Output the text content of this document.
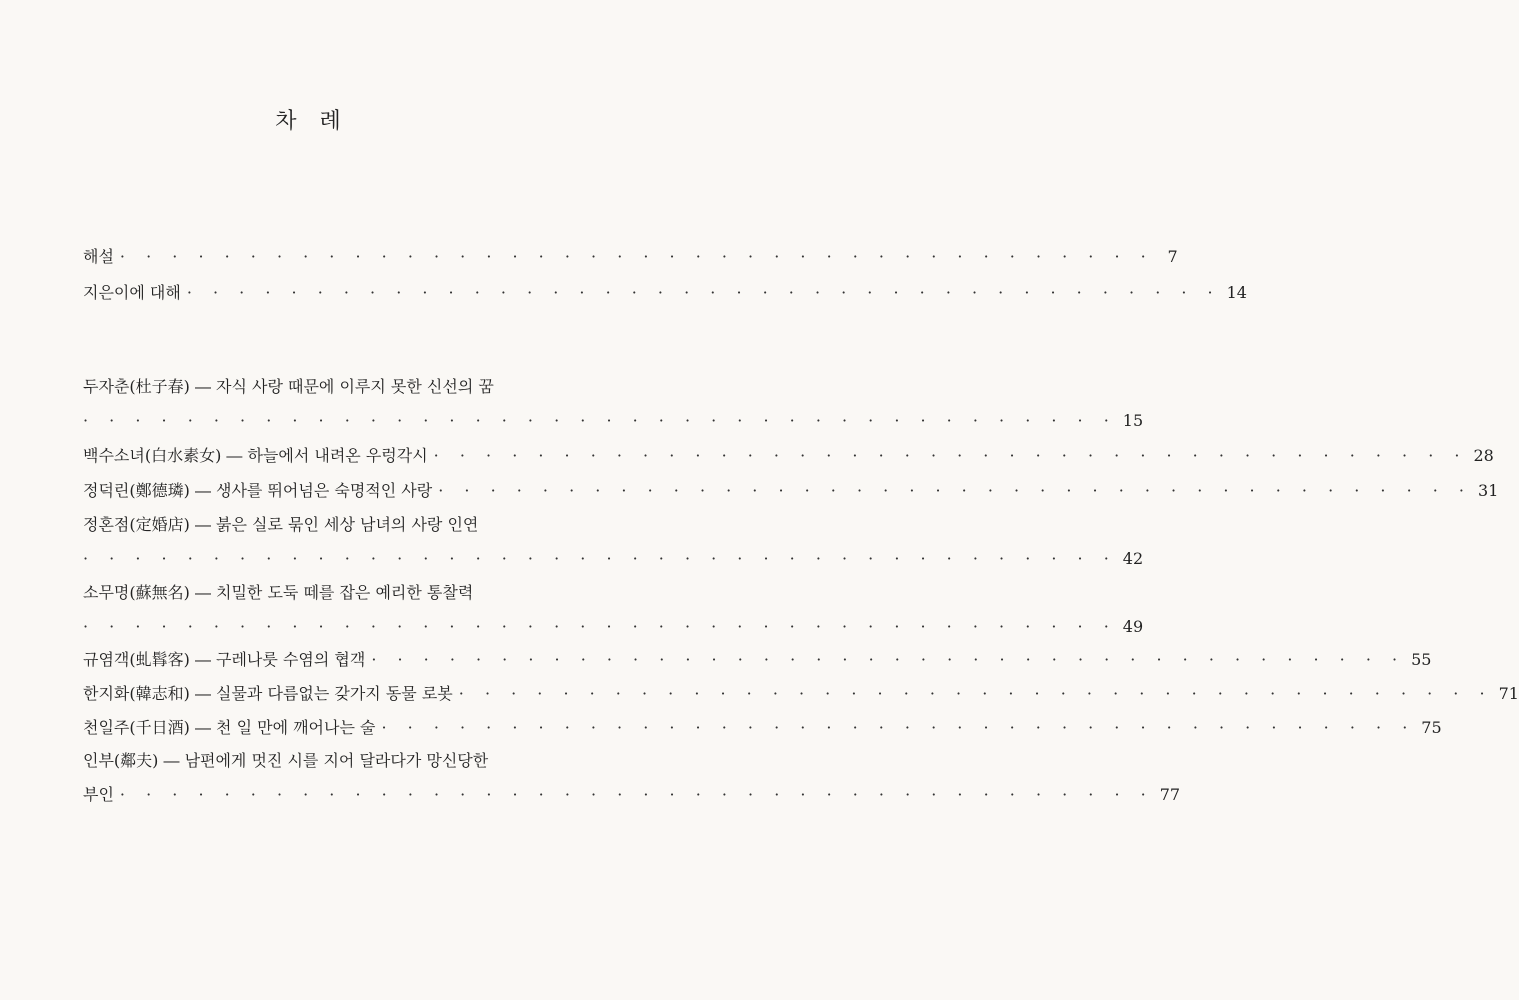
차 례
해설 · · · · · · · · · · · · · · · · · · · · · · · · · · · · · · · · · · · · · · · · 7
지은이에 대해 · · · · · · · · · · · · · · · · · · · · · · · · · · · · · · · · · · · · · · · · 14
두자춘(杜子春) ― 자식 사랑 때문에 이루지 못한 신선의 꿈
· · · · · · · · · · · · · · · · · · · · · · · · · · · · · · · · · · · · · · · · 15
백수소녀(白水素女) ― 하늘에서 내려온 우렁각시 · · · · · · · · · · · · · · · · · · · · · · · · · · · · · · · · · · · · · · · · 28
정덕린(鄭德璘) ― 생사를 뛰어넘은 숙명적인 사랑 · · · · · · · · · · · · · · · · · · · · · · · · · · · · · · · · · · · · · · · · 31
정혼점(定婚店) ― 붉은 실로 묶인 세상 남녀의 사랑 인연
· · · · · · · · · · · · · · · · · · · · · · · · · · · · · · · · · · · · · · · · 42
소무명(蘇無名) ― 치밀한 도둑 떼를 잡은 예리한 통찰력
· · · · · · · · · · · · · · · · · · · · · · · · · · · · · · · · · · · · · · · · 49
규염객(虬髥客) ― 구레나룻 수염의 협객 · · · · · · · · · · · · · · · · · · · · · · · · · · · · · · · · · · · · · · · · 55
한지화(韓志和) ― 실물과 다름없는 갖가지 동물 로봇 · · · · · · · · · · · · · · · · · · · · · · · · · · · · · · · · · · · · · · · · 71
천일주(千日酒) ― 천 일 만에 깨어나는 술 · · · · · · · · · · · · · · · · · · · · · · · · · · · · · · · · · · · · · · · · 75
인부(鄰夫) ― 남편에게 멋진 시를 지어 달라다가 망신당한
부인 · · · · · · · · · · · · · · · · · · · · · · · · · · · · · · · · · · · · · · · · 77
